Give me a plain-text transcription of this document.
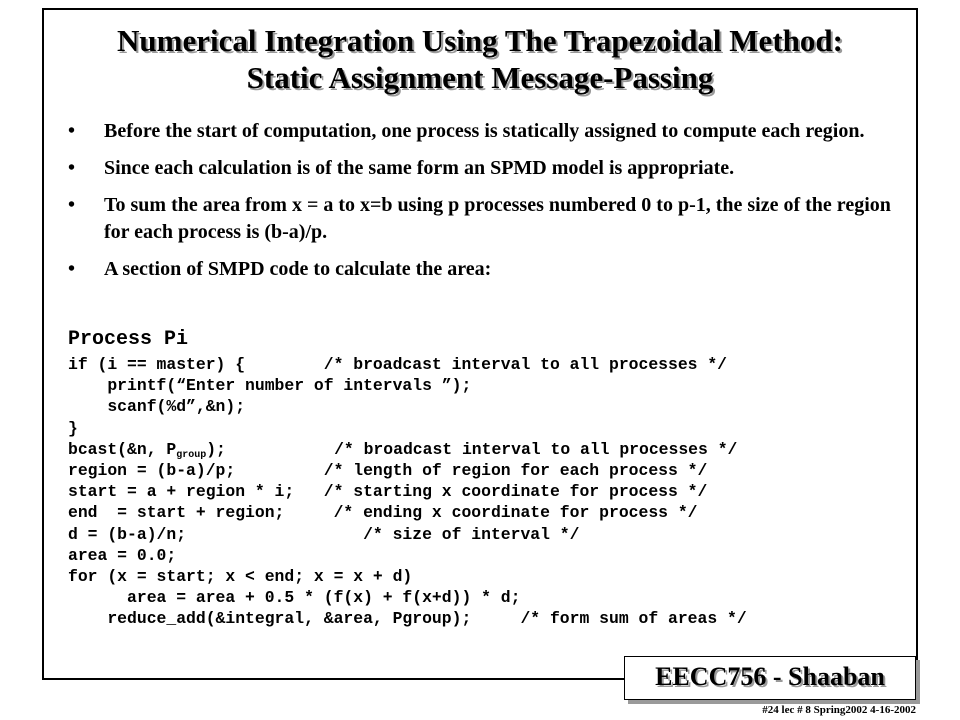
Numerical Integration Using The Trapezoidal Method:
Static Assignment Message-Passing
• Before the start of computation, one process is statically assigned to compute each region.
• Since each calculation is of the same form an SPMD model is appropriate.
• To sum the area from x = a to x=b using p processes numbered 0 to p-1, the size of the region for each process is (b-a)/p.
• A section of SMPD code to calculate the area:
Process Pi
if (i == master) {        /* broadcast interval to all processes */
printf(“Enter number of intervals ”);
scanf(%d”,&n);
}
bcast(&n, $P_{group}$);           /* broadcast interval to all processes */
region = (b-a)/p;         /* length of region for each process */
start = a + region * i;   /* starting x coordinate for process */
end  = start + region;     /* ending x coordinate for process */
d = (b-a)/n;                  /* size of interval */
area = 0.0;
for (x = start; x < end; x = x + d)
area = area + 0.5 * (f(x) + f(x+d)) * d;
reduce_add(&integral, &area, Pgroup);     /* form sum of areas */
EECC756 - Shaaban
#24 lec # 8 Spring2002 4-16-2002
